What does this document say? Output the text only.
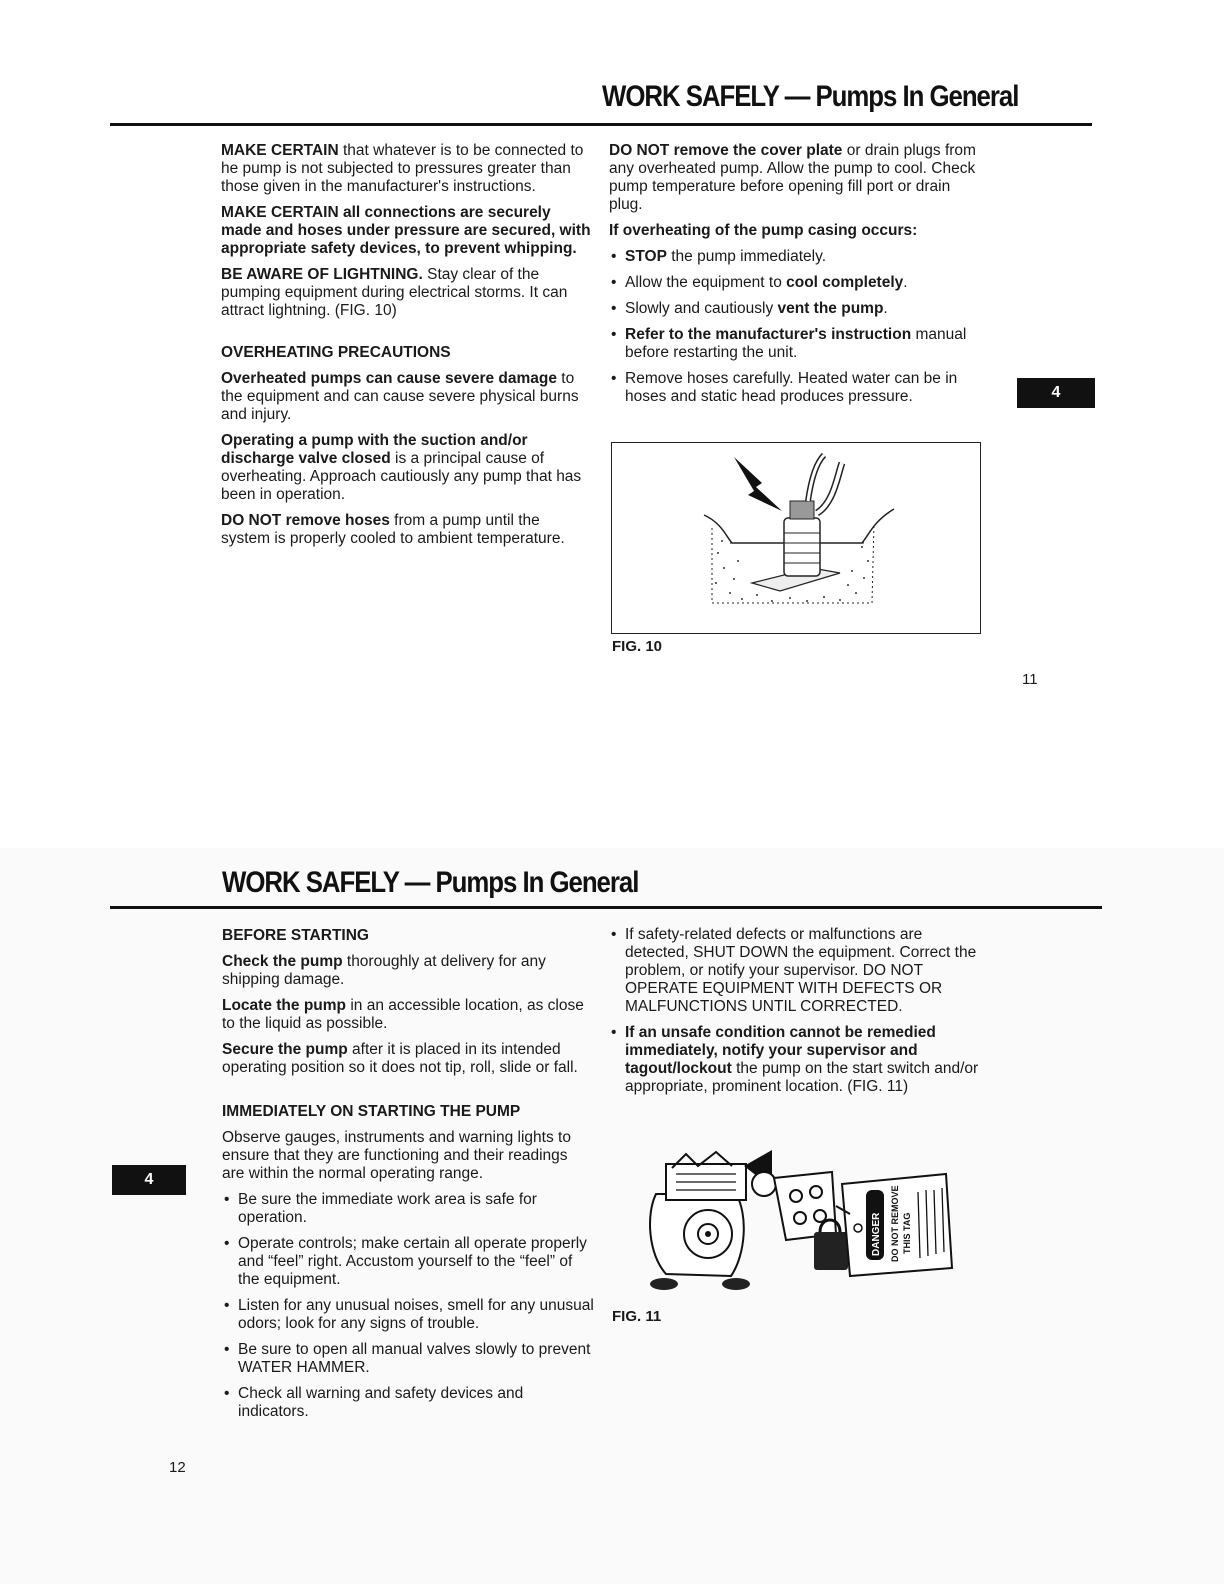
WORK SAFELY — Pumps In General

MAKE CERTAIN that whatever is to be connected to he pump is not subjected to pressures greater than those given in the manufacturer's instructions.

MAKE CERTAIN all connections are securely made and hoses under pressure are secured, with appropriate safety devices, to prevent whipping.

BE AWARE OF LIGHTNING. Stay clear of the pumping equipment during electrical storms. It can attract lightning. (FIG. 10)

OVERHEATING PRECAUTIONS

Overheated pumps can cause severe damage to the equipment and can cause severe physical burns and injury.

Operating a pump with the suction and/or discharge valve closed is a principal cause of overheating. Approach cautiously any pump that has been in operation.

DO NOT remove hoses from a pump until the system is properly cooled to ambient temperature.

DO NOT remove the cover plate or drain plugs from any overheated pump. Allow the pump to cool. Check pump temperature before opening fill port or drain plug.

If overheating of the pump casing occurs:

• STOP the pump immediately.
• Allow the equipment to cool completely.
• Slowly and cautiously vent the pump.
• Refer to the manufacturer's instruction manual before restarting the unit.
• Remove hoses carefully. Heated water can be in hoses and static head produces pressure.	4
FIG. 10
11
WORK SAFELY — Pumps In General

BEFORE STARTING

Check the pump thoroughly at delivery for any shipping damage.

Locate the pump in an accessible location, as close to the liquid as possible.

Secure the pump after it is placed in its intended operating position so it does not tip, roll, slide or fall.

IMMEDIATELY ON STARTING THE PUMP

Observe gauges, instruments and warning lights to ensure that they are functioning and their readings are within the normal operating range.

• Be sure the immediate work area is safe for operation.
• Operate controls; make certain all operate properly and “feel” right. Accustom yourself to the “feel” of the equipment.
• Listen for any unusual noises, smell for any unusual odors; look for any signs of trouble.
• Be sure to open all manual valves slowly to prevent WATER HAMMER.
• Check all warning and safety devices and indicators.
• If safety-related defects or malfunctions are detected, SHUT DOWN the equipment. Correct the problem, or notify your supervisor. DO NOT OPERATE EQUIPMENT WITH DEFECTS OR MALFUNCTIONS UNTIL CORRECTED.
• If an unsafe condition cannot be remedied immediately, notify your supervisor and tagout/lockout the pump on the start switch and/or appropriate, prominent location. (FIG. 11)
4
DANGER DO NOT REMOVE THIS TAG
FIG. 11
12
